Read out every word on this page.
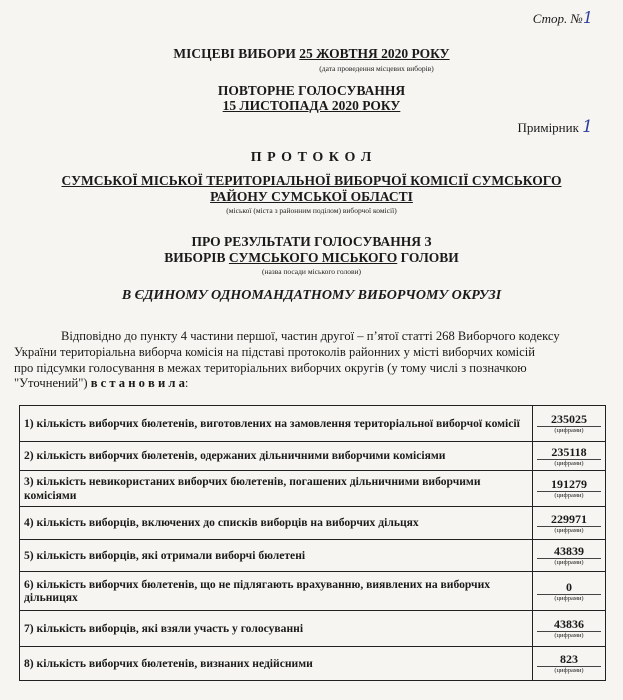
Стор. №1
МІСЦЕВІ ВИБОРИ 25 ЖОВТНЯ 2020 РОКУ
(дата проведення місцевих виборів)
ПОВТОРНЕ ГОЛОСУВАННЯ
15 ЛИСТОПАДА 2020 РОКУ
Примірник 1
П Р О Т О К О Л
СУМСЬКОЇ МІСЬКОЇ ТЕРИТОРІАЛЬНОЇ ВИБОРЧОЇ КОМІСІЇ СУМСЬКОГО
РАЙОНУ СУМСЬКОЇ ОБЛАСТІ
(міської (міста з районним поділом) виборчої комісії)
ПРО РЕЗУЛЬТАТИ ГОЛОСУВАННЯ З
ВИБОРІВ СУМСЬКОГО МІСЬКОГО ГОЛОВИ
(назва посади міського голови)
В ЄДИНОМУ ОДНОМАНДАТНОМУ ВИБОРЧОМУ ОКРУЗІ
Відповідно до пункту 4 частини першої, частин другої – п’ятої статті 268 Виборчого кодексу
України територіальна виборча комісія на підставі протоколів районних у місті виборчих комісій
про підсумки голосування в межах територіальних виборчих округів (у тому числі з позначкою
"Уточнений") в с т а н о в и л а:
1) кількість виборчих бюлетенів, виготовлених на замовлення територіальної виборчої комісії	235025
(цифрами)

2) кількість виборчих бюлетенів, одержаних дільничними виборчими комісіями	235118
(цифрами)

3) кількість невикористаних виборчих бюлетенів, погашених дільничними виборчими комісіями	191279
(цифрами)

4) кількість виборців, включених до списків виборців на виборчих дільцях	229971
(цифрами)

5) кількість виборців, які отримали виборчі бюлетені	43839
(цифрами)

6) кількість виборчих бюлетенів, що не підлягають врахуванню, виявлених на виборчих дільницях	0
(цифрами)

7) кількість виборців, які взяли участь у голосуванні	43836
(цифрами)

8) кількість виборчих бюлетенів, визнаних недійсними	823
(цифрами)
